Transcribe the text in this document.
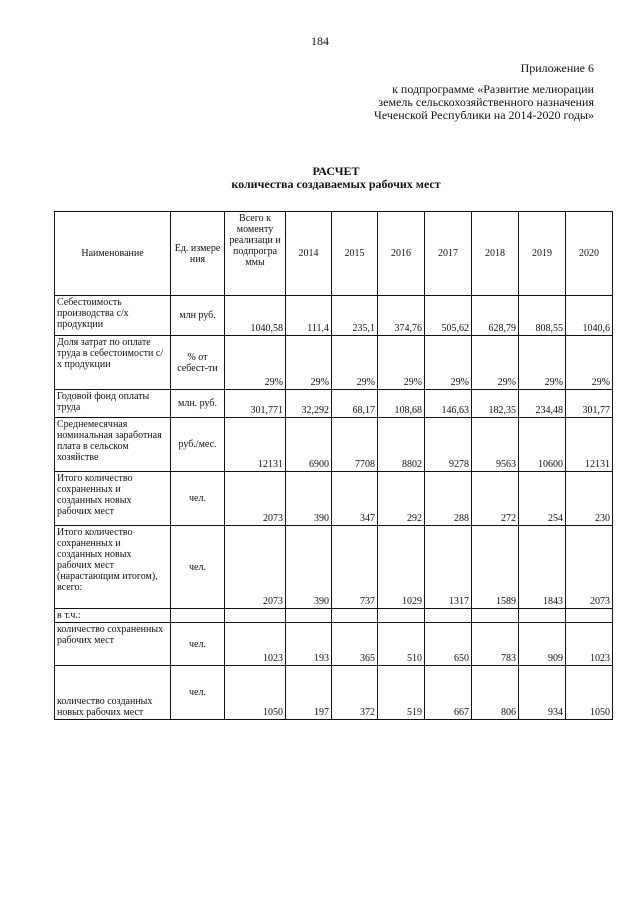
184
Приложение 6
к подпрограмме «Развитие мелиорации
земель сельскохозяйственного назначения
Чеченской Республики на 2014-2020 годы»
РАСЧЕТ
количества создаваемых рабочих мест
Наименование	Ед. измере ния	Всего к моменту реализаци и подпрогра ммы	2014	2015	2016	2017	2018	2019	2020
Себестоимость производства с/х продукции	млн руб.	1040,58	111,4	235,1	374,76	505,62	628,79	808,55	1040,6
Доля затрат по оплате труда в себестоимости с/х продукции	% от себест-ти	29%	29%	29%	29%	29%	29%	29%	29%
Годовой фонд оплаты труда	млн. руб.	301,771	32,292	68,17	108,68	146,63	182,35	234,48	301,77
Среднемесячная номинальная заработная плата в сельском хозяйстве	руб./мес.	12131	6900	7708	8802	9278	9563	10600	12131
Итого количество сохраненных и созданных новых рабочих мест	чел.	2073	390	347	292	288	272	254	230
Итого количество сохраненных и созданных новых рабочих мест (нарастающим итогом), всего:	чел.	2073	390	737	1029	1317	1589	1843	2073
в т.ч.:									
количество сохраненных рабочих мест	чел.	1023	193	365	510	650	783	909	1023
количество созданных новых рабочих мест	чел.	1050	197	372	519	667	806	934	1050
